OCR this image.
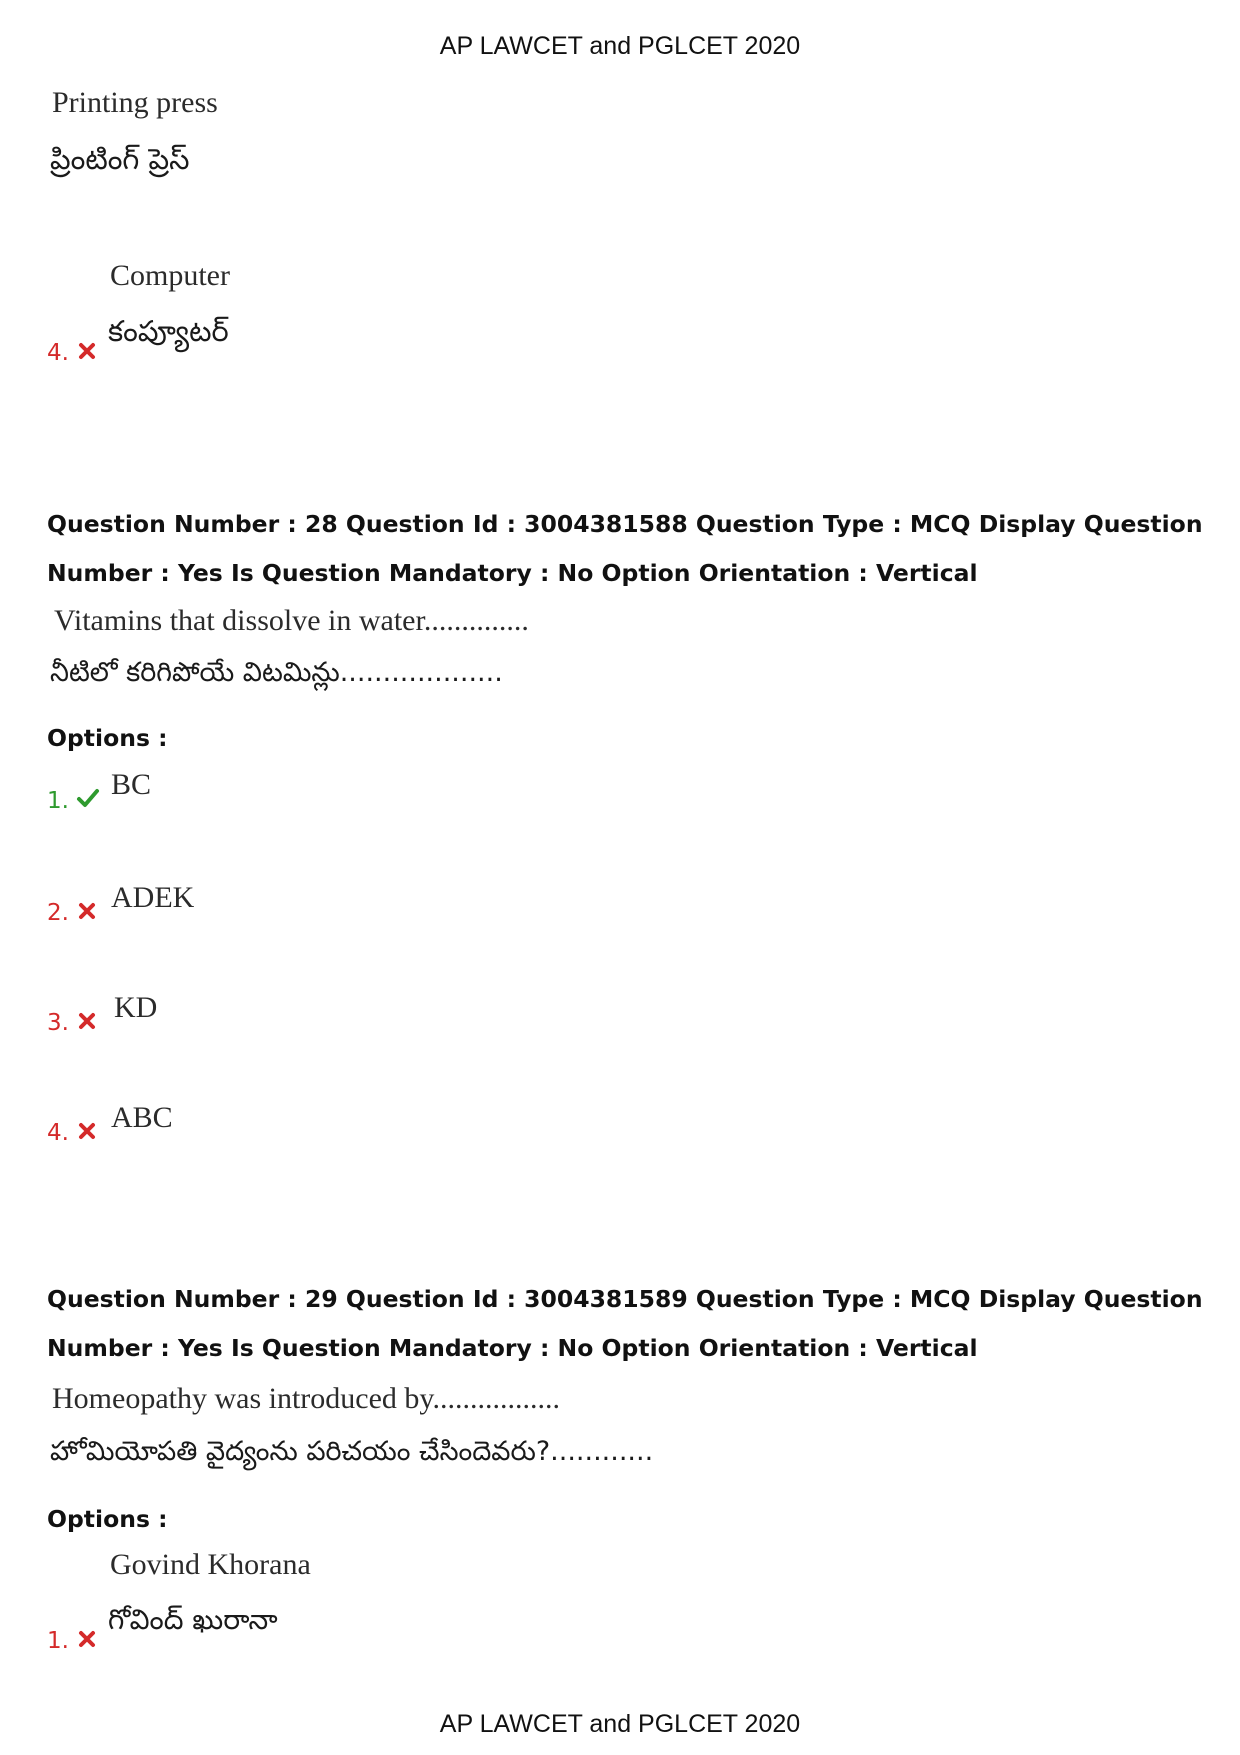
AP LAWCET and PGLCET 2020
Printing press
ప్రింటింగ్ ప్రెస్
Computer
కంప్యూటర్
4.
Question Number : 28 Question Id : 3004381588 Question Type : MCQ Display Question
Number : Yes Is Question Mandatory : No Option Orientation : Vertical
Vitamins that dissolve in water..............
నీటిలో కరిగిపోయే విటమిన్లు...................
Options :
1. BC
2. ADEK
3. KD
4. ABC
Question Number : 29 Question Id : 3004381589 Question Type : MCQ Display Question
Number : Yes Is Question Mandatory : No Option Orientation : Vertical
Homeopathy was introduced by.................
హోమియోపతి వైద్యంను పరిచయం చేసిందెవరు?............
Options :
Govind Khorana
గోవింద్ ఖురానా
1.
AP LAWCET and PGLCET 2020
